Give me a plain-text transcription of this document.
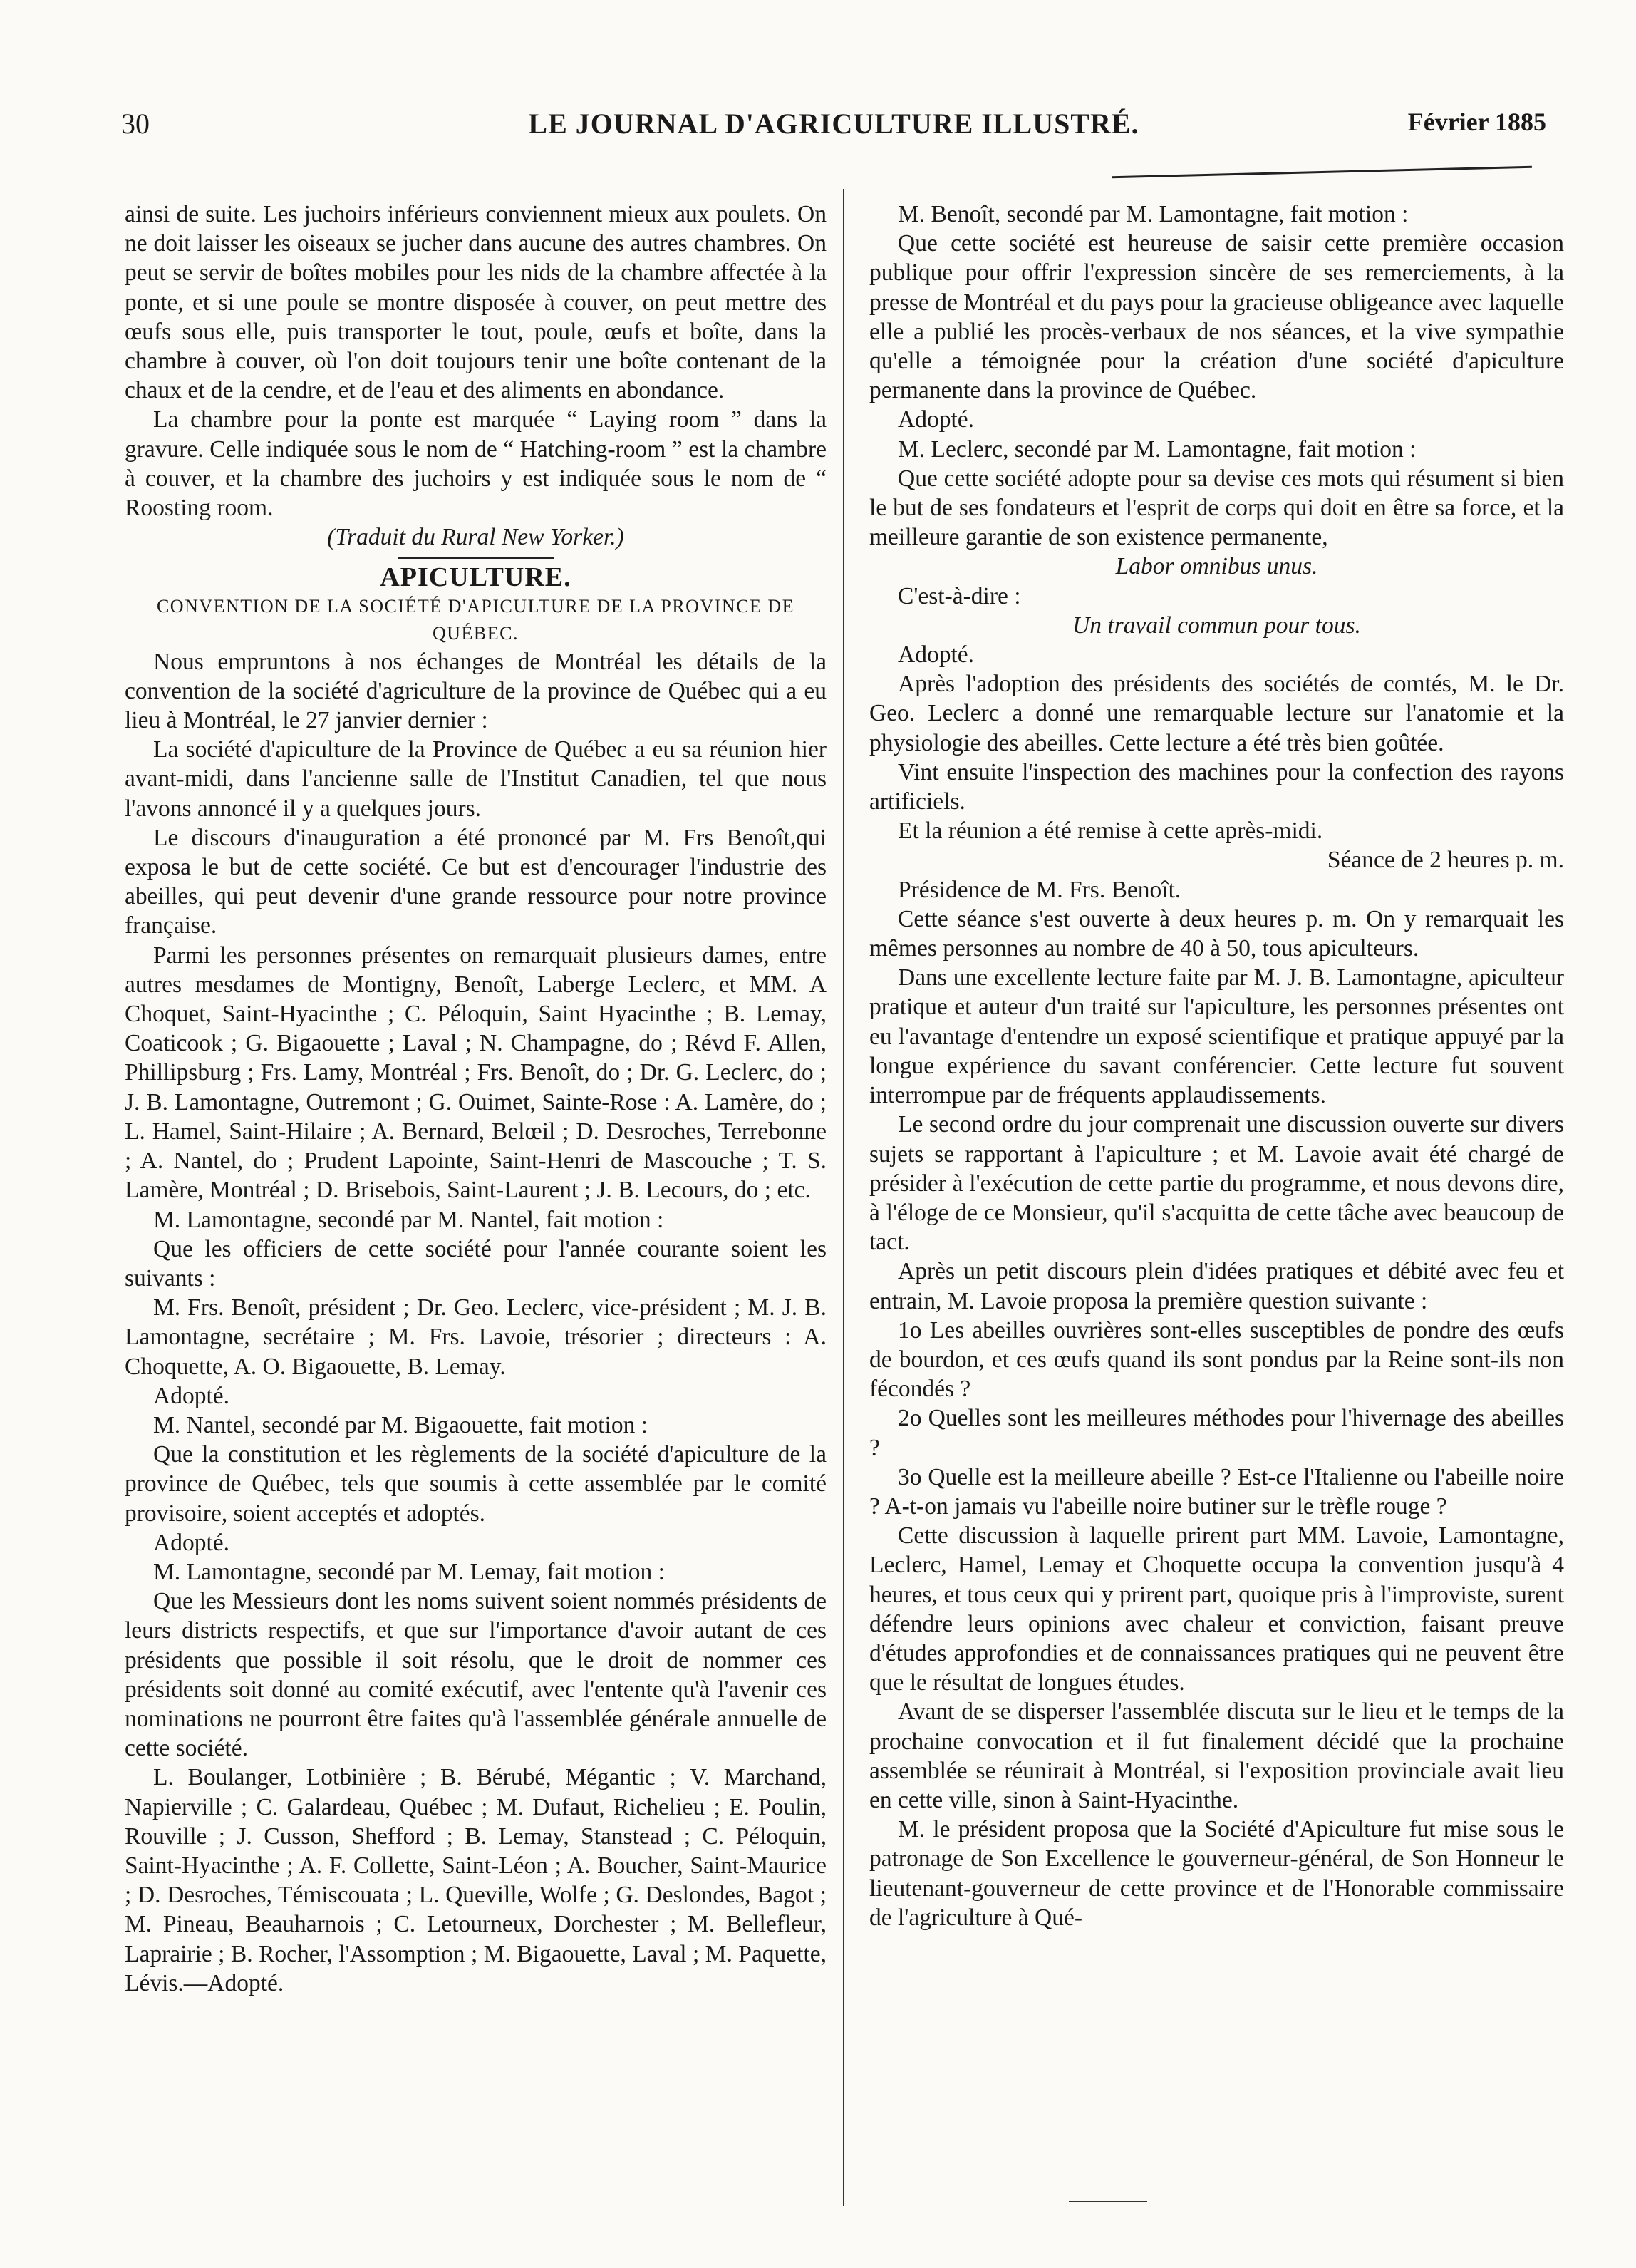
30	LE JOURNAL D'AGRICULTURE ILLUSTRÉ.	Février 1885

ainsi de suite. Les juchoirs inférieurs conviennent mieux aux poulets. On ne doit laisser les oiseaux se jucher dans aucune des autres chambres. On peut se servir de boîtes mobiles pour les nids de la chambre affectée à la ponte, et si une poule se montre disposée à couver, on peut mettre des œufs sous elle, puis transporter le tout, poule, œufs et boîte, dans la chambre à couver, où l'on doit toujours tenir une boîte contenant de la chaux et de la cendre, et de l'eau et des aliments en abondance.

La chambre pour la ponte est marquée “ Laying room ” dans la gravure. Celle indiquée sous le nom de “ Hatching-room ” est la chambre à couver, et la chambre des juchoirs y est indiquée sous le nom de “ Roosting room.

(Traduit du Rural New Yorker.)

APICULTURE.
CONVENTION DE LA SOCIÉTÉ D'APICULTURE DE LA PROVINCE DE QUÉBEC.

Nous empruntons à nos échanges de Montréal les détails de la convention de la société d'agriculture de la province de Québec qui a eu lieu à Montréal, le 27 janvier dernier :

La société d'apiculture de la Province de Québec a eu sa réunion hier avant-midi, dans l'ancienne salle de l'Institut Canadien, tel que nous l'avons annoncé il y a quelques jours.

Le discours d'inauguration a été prononcé par M. Frs Benoît,qui exposa le but de cette société. Ce but est d'encourager l'industrie des abeilles, qui peut devenir d'une grande ressource pour notre province française.

Parmi les personnes présentes on remarquait plusieurs dames, entre autres mesdames de Montigny, Benoît, Laberge Leclerc, et MM. A Choquet, Saint-Hyacinthe ; C. Péloquin, Saint Hyacinthe ; B. Lemay, Coaticook ; G. Bigaouette ; Laval ; N. Champagne, do ; Révd F. Allen, Phillipsburg ; Frs. Lamy, Montréal ; Frs. Benoît, do ; Dr. G. Leclerc, do ; J. B. Lamontagne, Outremont ; G. Ouimet, Sainte-Rose : A. Lamère, do ; L. Hamel, Saint-Hilaire ; A. Bernard, Belœil ; D. Desroches, Terrebonne ; A. Nantel, do ; Prudent Lapointe, Saint-Henri de Mascouche ; T. S. Lamère, Montréal ; D. Brisebois, Saint-Laurent ; J. B. Lecours, do ; etc.

M. Lamontagne, secondé par M. Nantel, fait motion :

Que les officiers de cette société pour l'année courante soient les suivants :

M. Frs. Benoît, président ; Dr. Geo. Leclerc, vice-président ; M. J. B. Lamontagne, secrétaire ; M. Frs. Lavoie, trésorier ; directeurs : A. Choquette, A. O. Bigaouette, B. Lemay.

Adopté.

M. Nantel, secondé par M. Bigaouette, fait motion :

Que la constitution et les règlements de la société d'apiculture de la province de Québec, tels que soumis à cette assemblée par le comité provisoire, soient acceptés et adoptés.

Adopté.

M. Lamontagne, secondé par M. Lemay, fait motion :

Que les Messieurs dont les noms suivent soient nommés présidents de leurs districts respectifs, et que sur l'importance d'avoir autant de ces présidents que possible il soit résolu, que le droit de nommer ces présidents soit donné au comité exécutif, avec l'entente qu'à l'avenir ces nominations ne pourront être faites qu'à l'assemblée générale annuelle de cette société.

L. Boulanger, Lotbinière ; B. Bérubé, Mégantic ; V. Marchand, Napierville ; C. Galardeau, Québec ; M. Dufaut, Richelieu ; E. Poulin, Rouville ; J. Cusson, Shefford ; B. Lemay, Stanstead ; C. Péloquin, Saint-Hyacinthe ; A. F. Collette, Saint-Léon ; A. Boucher, Saint-Maurice ; D. Desroches, Témiscouata ; L. Queville, Wolfe ; G. Deslondes, Bagot ; M. Pineau, Beauharnois ; C. Letourneux, Dorchester ; M. Bellefleur, Laprairie ; B. Rocher, l'Assomption ; M. Bigaouette, Laval ; M. Paquette, Lévis.—Adopté.

M. Benoît, secondé par M. Lamontagne, fait motion :

Que cette société est heureuse de saisir cette première occasion publique pour offrir l'expression sincère de ses remerciements, à la presse de Montréal et du pays pour la gracieuse obligeance avec laquelle elle a publié les procès-verbaux de nos séances, et la vive sympathie qu'elle a témoignée pour la création d'une société d'apiculture permanente dans la province de Québec.

Adopté.

M. Leclerc, secondé par M. Lamontagne, fait motion :

Que cette société adopte pour sa devise ces mots qui résument si bien le but de ses fondateurs et l'esprit de corps qui doit en être sa force, et la meilleure garantie de son existence permanente,

Labor omnibus unus.

C'est-à-dire :

Un travail commun pour tous.

Adopté.

Après l'adoption des présidents des sociétés de comtés, M. le Dr. Geo. Leclerc a donné une remarquable lecture sur l'anatomie et la physiologie des abeilles. Cette lecture a été très bien goûtée.

Vint ensuite l'inspection des machines pour la confection des rayons artificiels.

Et la réunion a été remise à cette après-midi.

Séance de 2 heures p. m.

Présidence de M. Frs. Benoît.

Cette séance s'est ouverte à deux heures p. m. On y remarquait les mêmes personnes au nombre de 40 à 50, tous apiculteurs.

Dans une excellente lecture faite par M. J. B. Lamontagne, apiculteur pratique et auteur d'un traité sur l'apiculture, les personnes présentes ont eu l'avantage d'entendre un exposé scientifique et pratique appuyé par la longue expérience du savant conférencier. Cette lecture fut souvent interrompue par de fréquents applaudissements.

Le second ordre du jour comprenait une discussion ouverte sur divers sujets se rapportant à l'apiculture ; et M. Lavoie avait été chargé de présider à l'exécution de cette partie du programme, et nous devons dire, à l'éloge de ce Monsieur, qu'il s'acquitta de cette tâche avec beaucoup de tact.

Après un petit discours plein d'idées pratiques et débité avec feu et entrain, M. Lavoie proposa la première question suivante :

1o Les abeilles ouvrières sont-elles susceptibles de pondre des œufs de bourdon, et ces œufs quand ils sont pondus par la Reine sont-ils non fécondés ?

2o Quelles sont les meilleures méthodes pour l'hivernage des abeilles ?

3o Quelle est la meilleure abeille ? Est-ce l'Italienne ou l'abeille noire ? A-t-on jamais vu l'abeille noire butiner sur le trèfle rouge ?

Cette discussion à laquelle prirent part MM. Lavoie, Lamontagne, Leclerc, Hamel, Lemay et Choquette occupa la convention jusqu'à 4 heures, et tous ceux qui y prirent part, quoique pris à l'improviste, surent défendre leurs opinions avec chaleur et conviction, faisant preuve d'études approfondies et de connaissances pratiques qui ne peuvent être que le résultat de longues études.

Avant de se disperser l'assemblée discuta sur le lieu et le temps de la prochaine convocation et il fut finalement décidé que la prochaine assemblée se réunirait à Montréal, si l'exposition provinciale avait lieu en cette ville, sinon à Saint-Hyacinthe.

M. le président proposa que la Société d'Apiculture fut mise sous le patronage de Son Excellence le gouverneur-général, de Son Honneur le lieutenant-gouverneur de cette province et de l'Honorable commissaire de l'agriculture à Qué-
